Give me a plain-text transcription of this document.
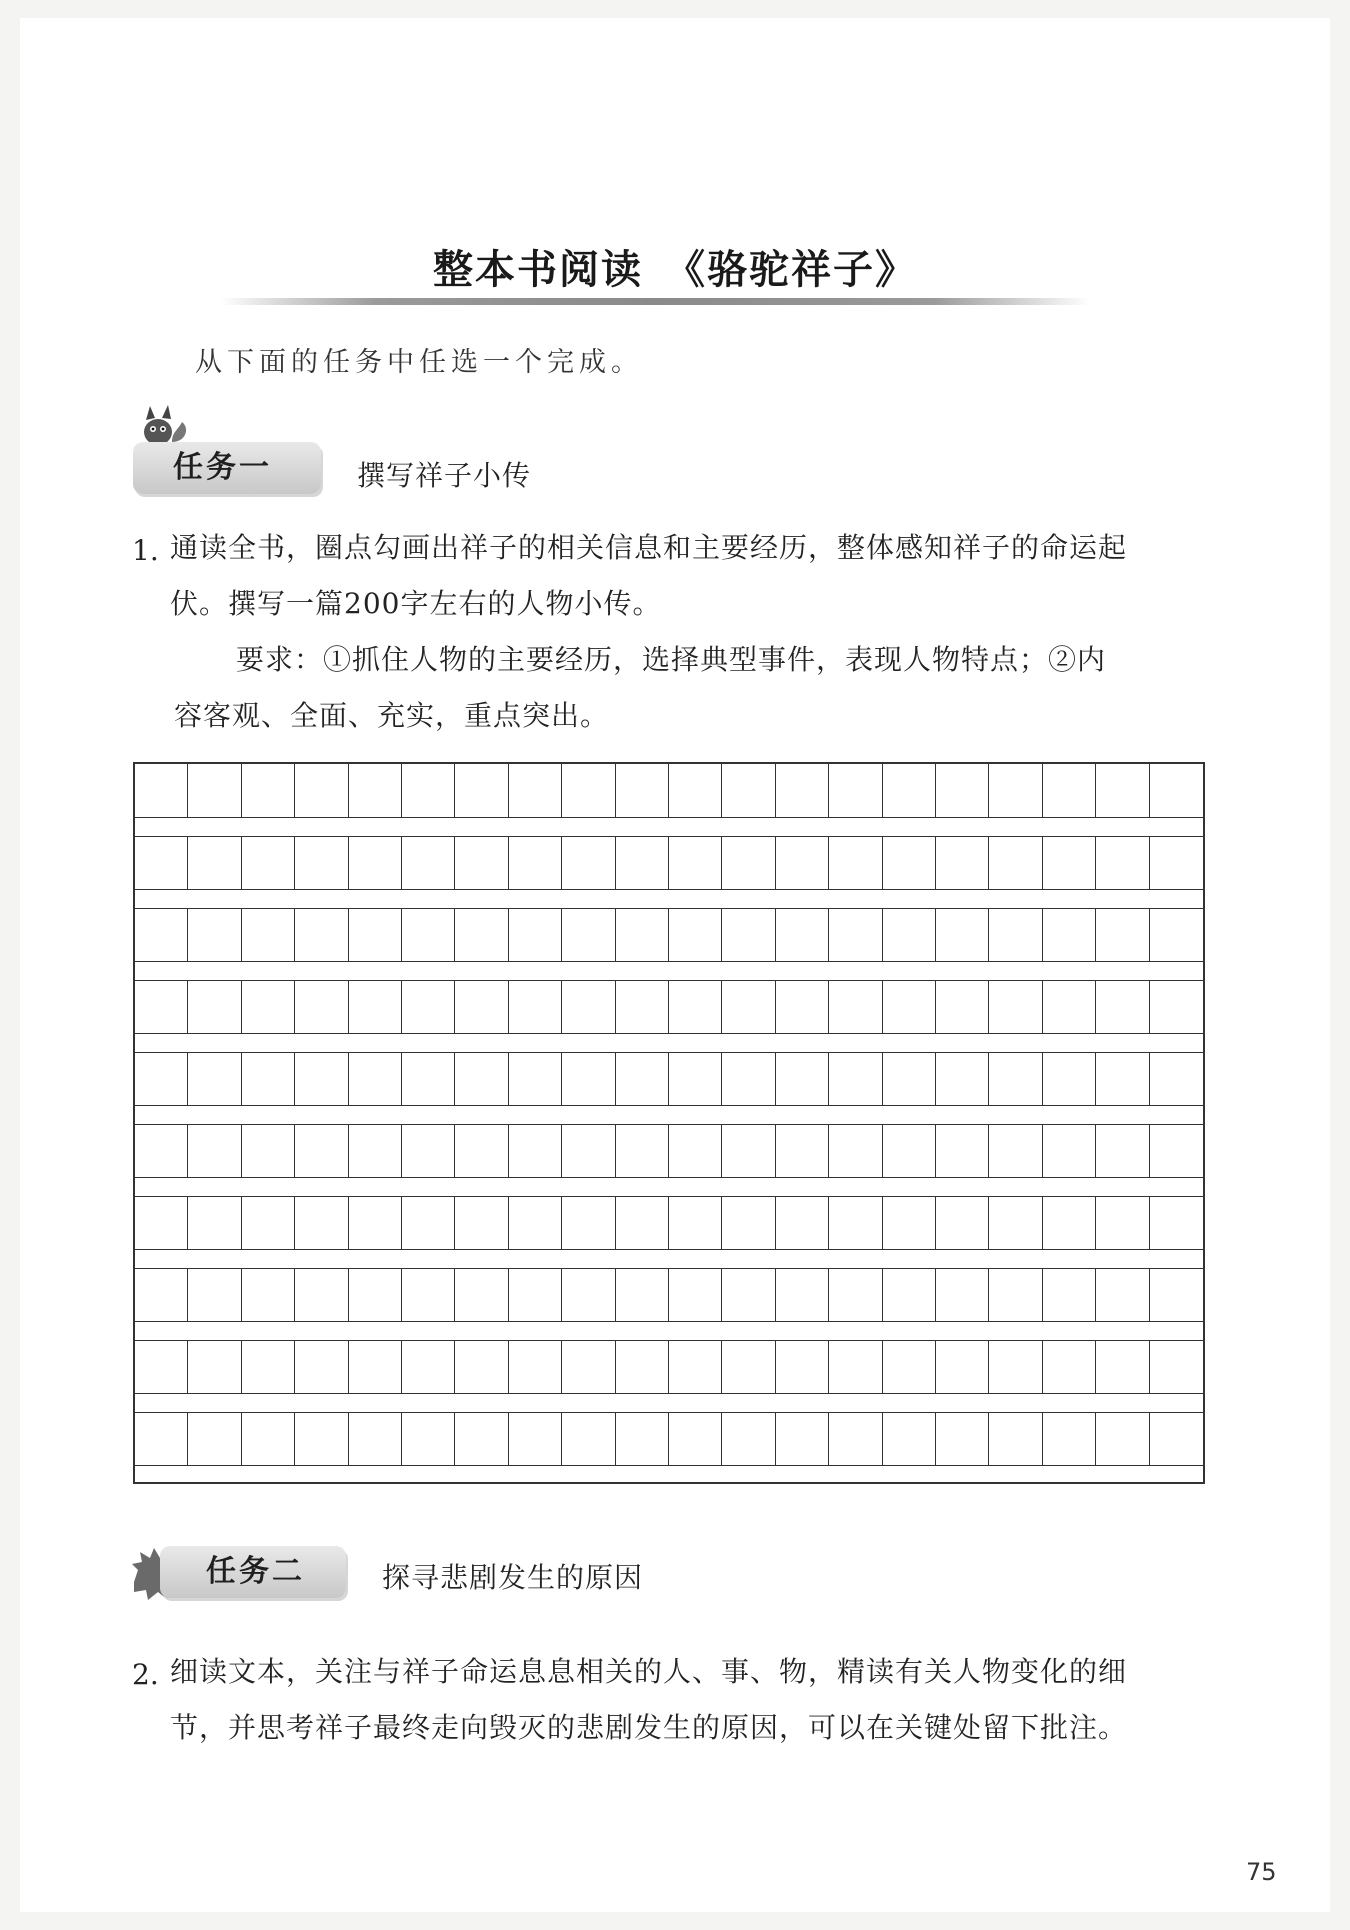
整本书阅读　《骆驼祥子》
从下面的任务中任选一个完成。
任务一	撰写祥子小传
1. 通读全书，圈点勾画出祥子的相关信息和主要经历，整体感知祥子的命运起
伏。撰写一篇200字左右的人物小传。
要求：①抓住人物的主要经历，选择典型事件，表现人物特点；②内
容客观、全面、充实，重点突出。
任务二	探寻悲剧发生的原因
2. 细读文本，关注与祥子命运息息相关的人、事、物，精读有关人物变化的细
节，并思考祥子最终走向毁灭的悲剧发生的原因，可以在关键处留下批注。
75
